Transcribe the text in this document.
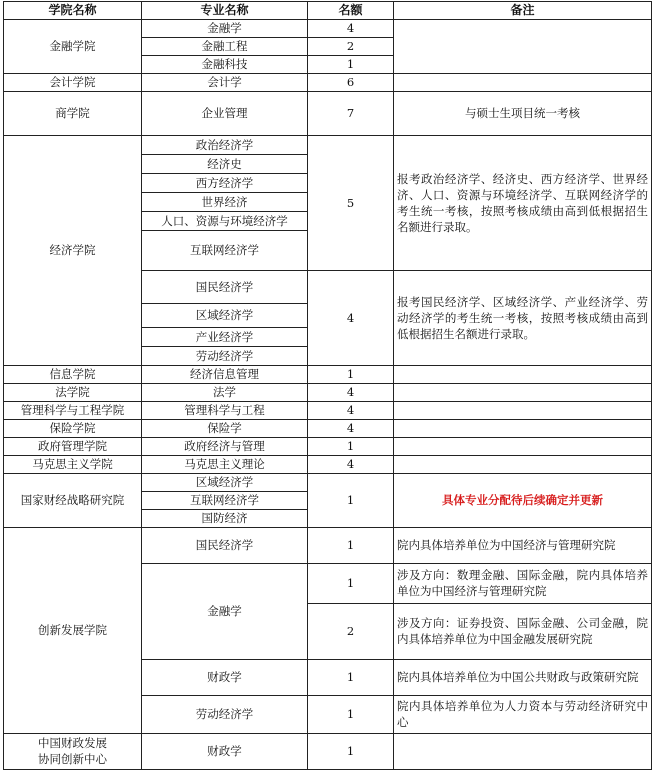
学院名称	专业名称	名额	备注
金融学院	金融学	4	
	金融工程	2	
	金融科技	1	
会计学院	会计学	6	
商学院	企业管理	7	与硕士生项目统一考核
经济学院	政治经济学	5	报考政治经济学、经济史、西方经济学、世界经济、人口、资源与环境经济学、互联网经济学的考生统一考核，按照考核成绩由高到低根据招生名额进行录取。

	经济史		
	西方经济学		
	世界经济		
	人口、资源与环境经济学		
	互联网经济学		
	国民经济学	4	报考国民经济学、区域经济学、产业经济学、劳动经济学的考生统一考核，按照考核成绩由高到低根据招生名额进行录取。

	区域经济学		
	产业经济学		
	劳动经济学		
信息学院	经济信息管理	1	
法学院	法学	4	
管理科学与工程学院	管理科学与工程	4	
保险学院	保险学	4	
政府管理学院	政府经济与管理	1	
马克思主义学院	马克思主义理论	4	
国家财经战略研究院	区域经济学	1	具体专业分配待后续确定并更新
	互联网经济学		
	国防经济		
创新发展学院	国民经济学	1	院内具体培养单位为中国经济与管理研究院

	金融学	1	涉及方向：数理金融、国际金融，院内具体培养单位为中国经济与管理研究院

		2	涉及方向：证券投资、国际金融、公司金融，院内具体培养单位为中国金融发展研究院

	财政学	1	院内具体培养单位为中国公共财政与政策研究院

	劳动经济学	1	院内具体培养单位为人力资本与劳动经济研究中心

中国财政发展
协同创新中心	财政学	1	
